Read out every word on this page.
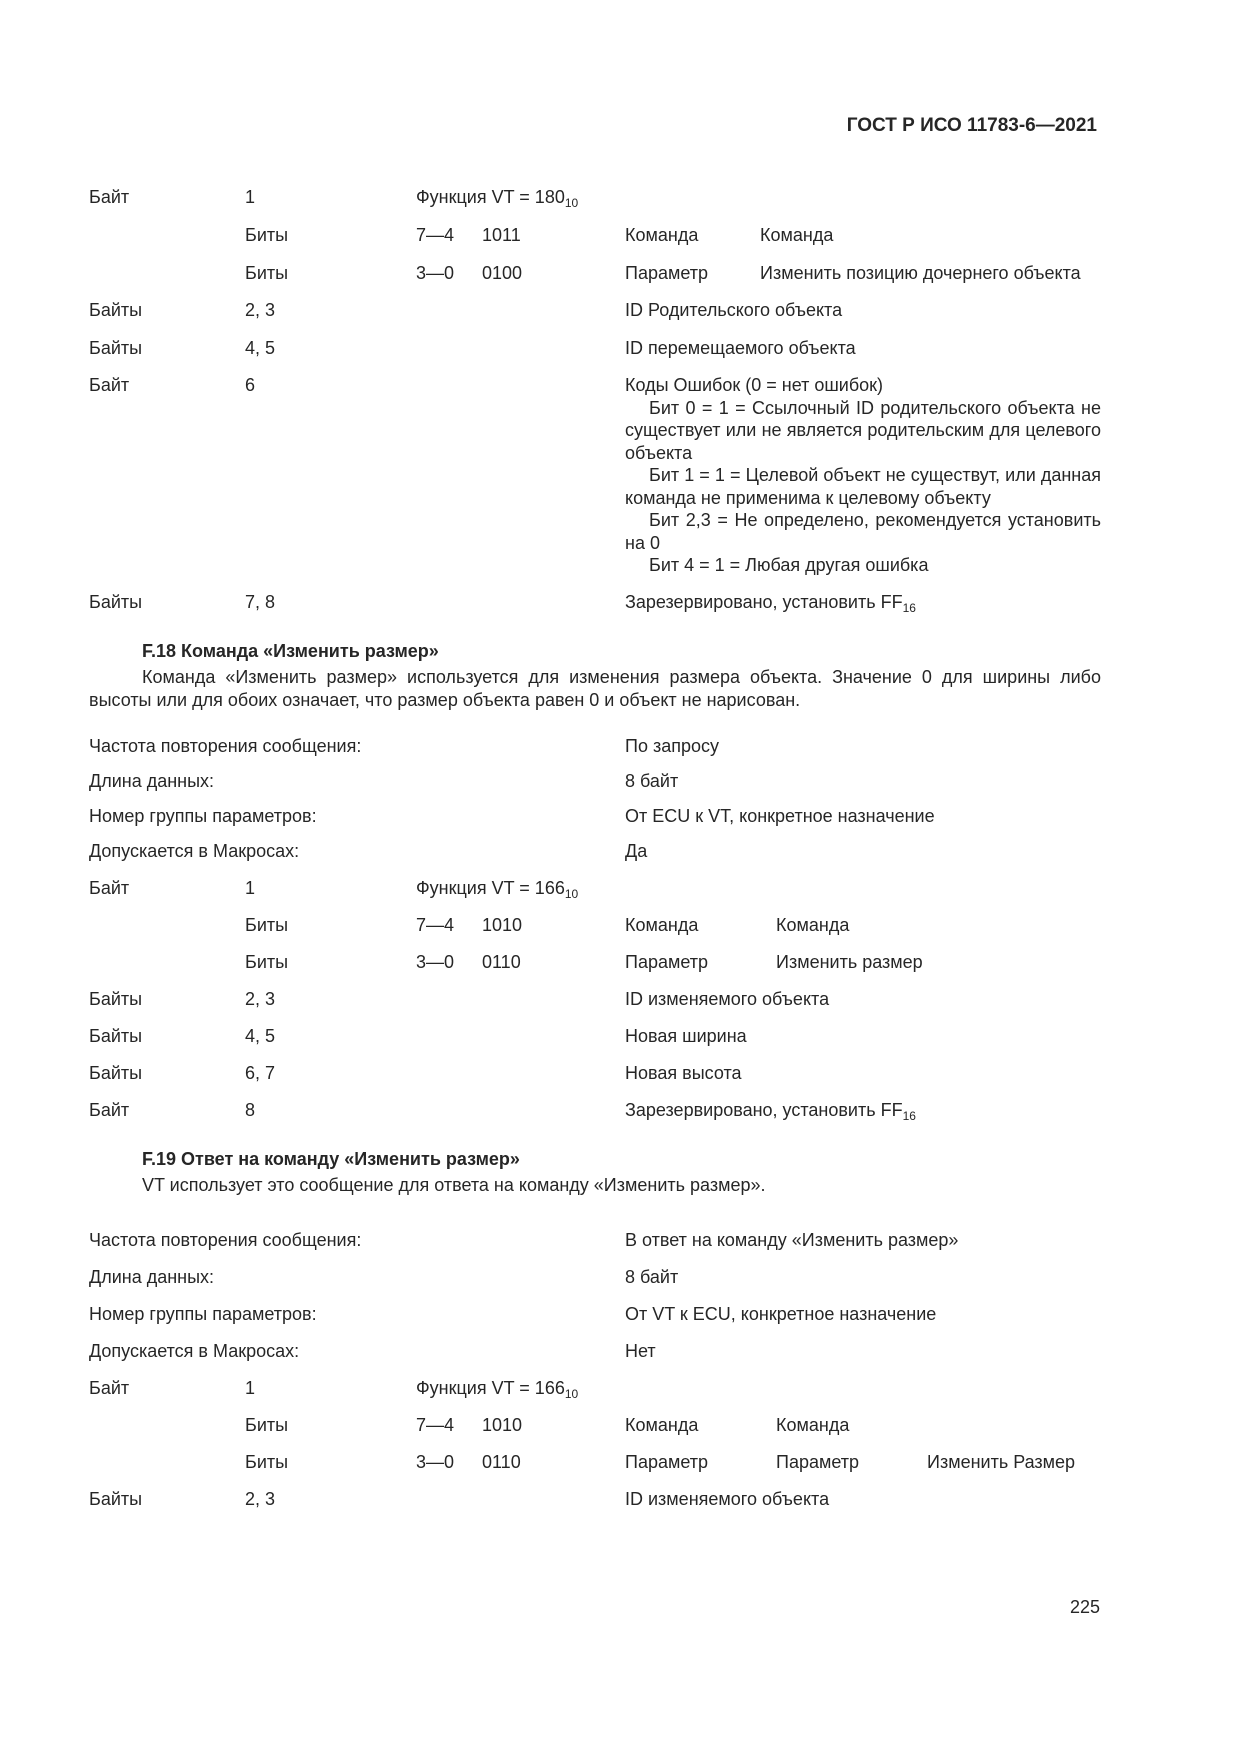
ГОСТ Р ИСО 11783-6—2021
Байт	1	Функция VT = $180_{10}$
Биты	7—4 1011	Команда	Команда
Биты	3—0 0100	Параметр	Изменить позицию дочернего объекта
Байты	2, 3	ID Родительского объекта
Байты	4, 5	ID перемещаемого объекта
Байт	6	Коды Ошибок (0 = нет ошибок)
Бит 0 = 1 = Ссылочный ID родительского объекта не существует или не является родительским для целевого объекта
Бит 1 = 1 = Целевой объект не существут, или данная команда не применима к целевому объекту
Бит 2,3 = Не определено, рекомендуется установить на 0
Бит 4 = 1 = Любая другая ошибка
Байты	7, 8	Зарезервировано, установить $FF_{16}$
F.18 Команда «Изменить размер»
Команда «Изменить размер» используется для изменения размера объекта. Значение 0 для ширины либо высоты или для обоих означает, что размер объекта равен 0 и объект не нарисован.
Частота повторения сообщения:	По запросу
Длина данных:	8 байт
Номер группы параметров:	От ECU к VT, конкретное назначение
Допускается в Макросах:	Да
Байт	1	Функция VT = $166_{10}$
Биты	7—4 1010	Команда	Команда
Биты	3—0 0110	Параметр	Изменить размер
Байты	2, 3	ID изменяемого объекта
Байты	4, 5	Новая ширина
Байты	6, 7	Новая высота
Байт	8	Зарезервировано, установить $FF_{16}$
F.19 Ответ на команду «Изменить размер»
VT использует это сообщение для ответа на команду «Изменить размер».
Частота повторения сообщения:	В ответ на команду «Изменить размер»
Длина данных:	8 байт
Номер группы параметров:	От VT к ECU, конкретное назначение
Допускается в Макросах:	Нет
Байт	1	Функция VT = $166_{10}$
Биты	7—4 1010	Команда	Команда
Биты	3—0 0110	Параметр	Параметр	Изменить Размер
Байты	2, 3	ID изменяемого объекта
225
